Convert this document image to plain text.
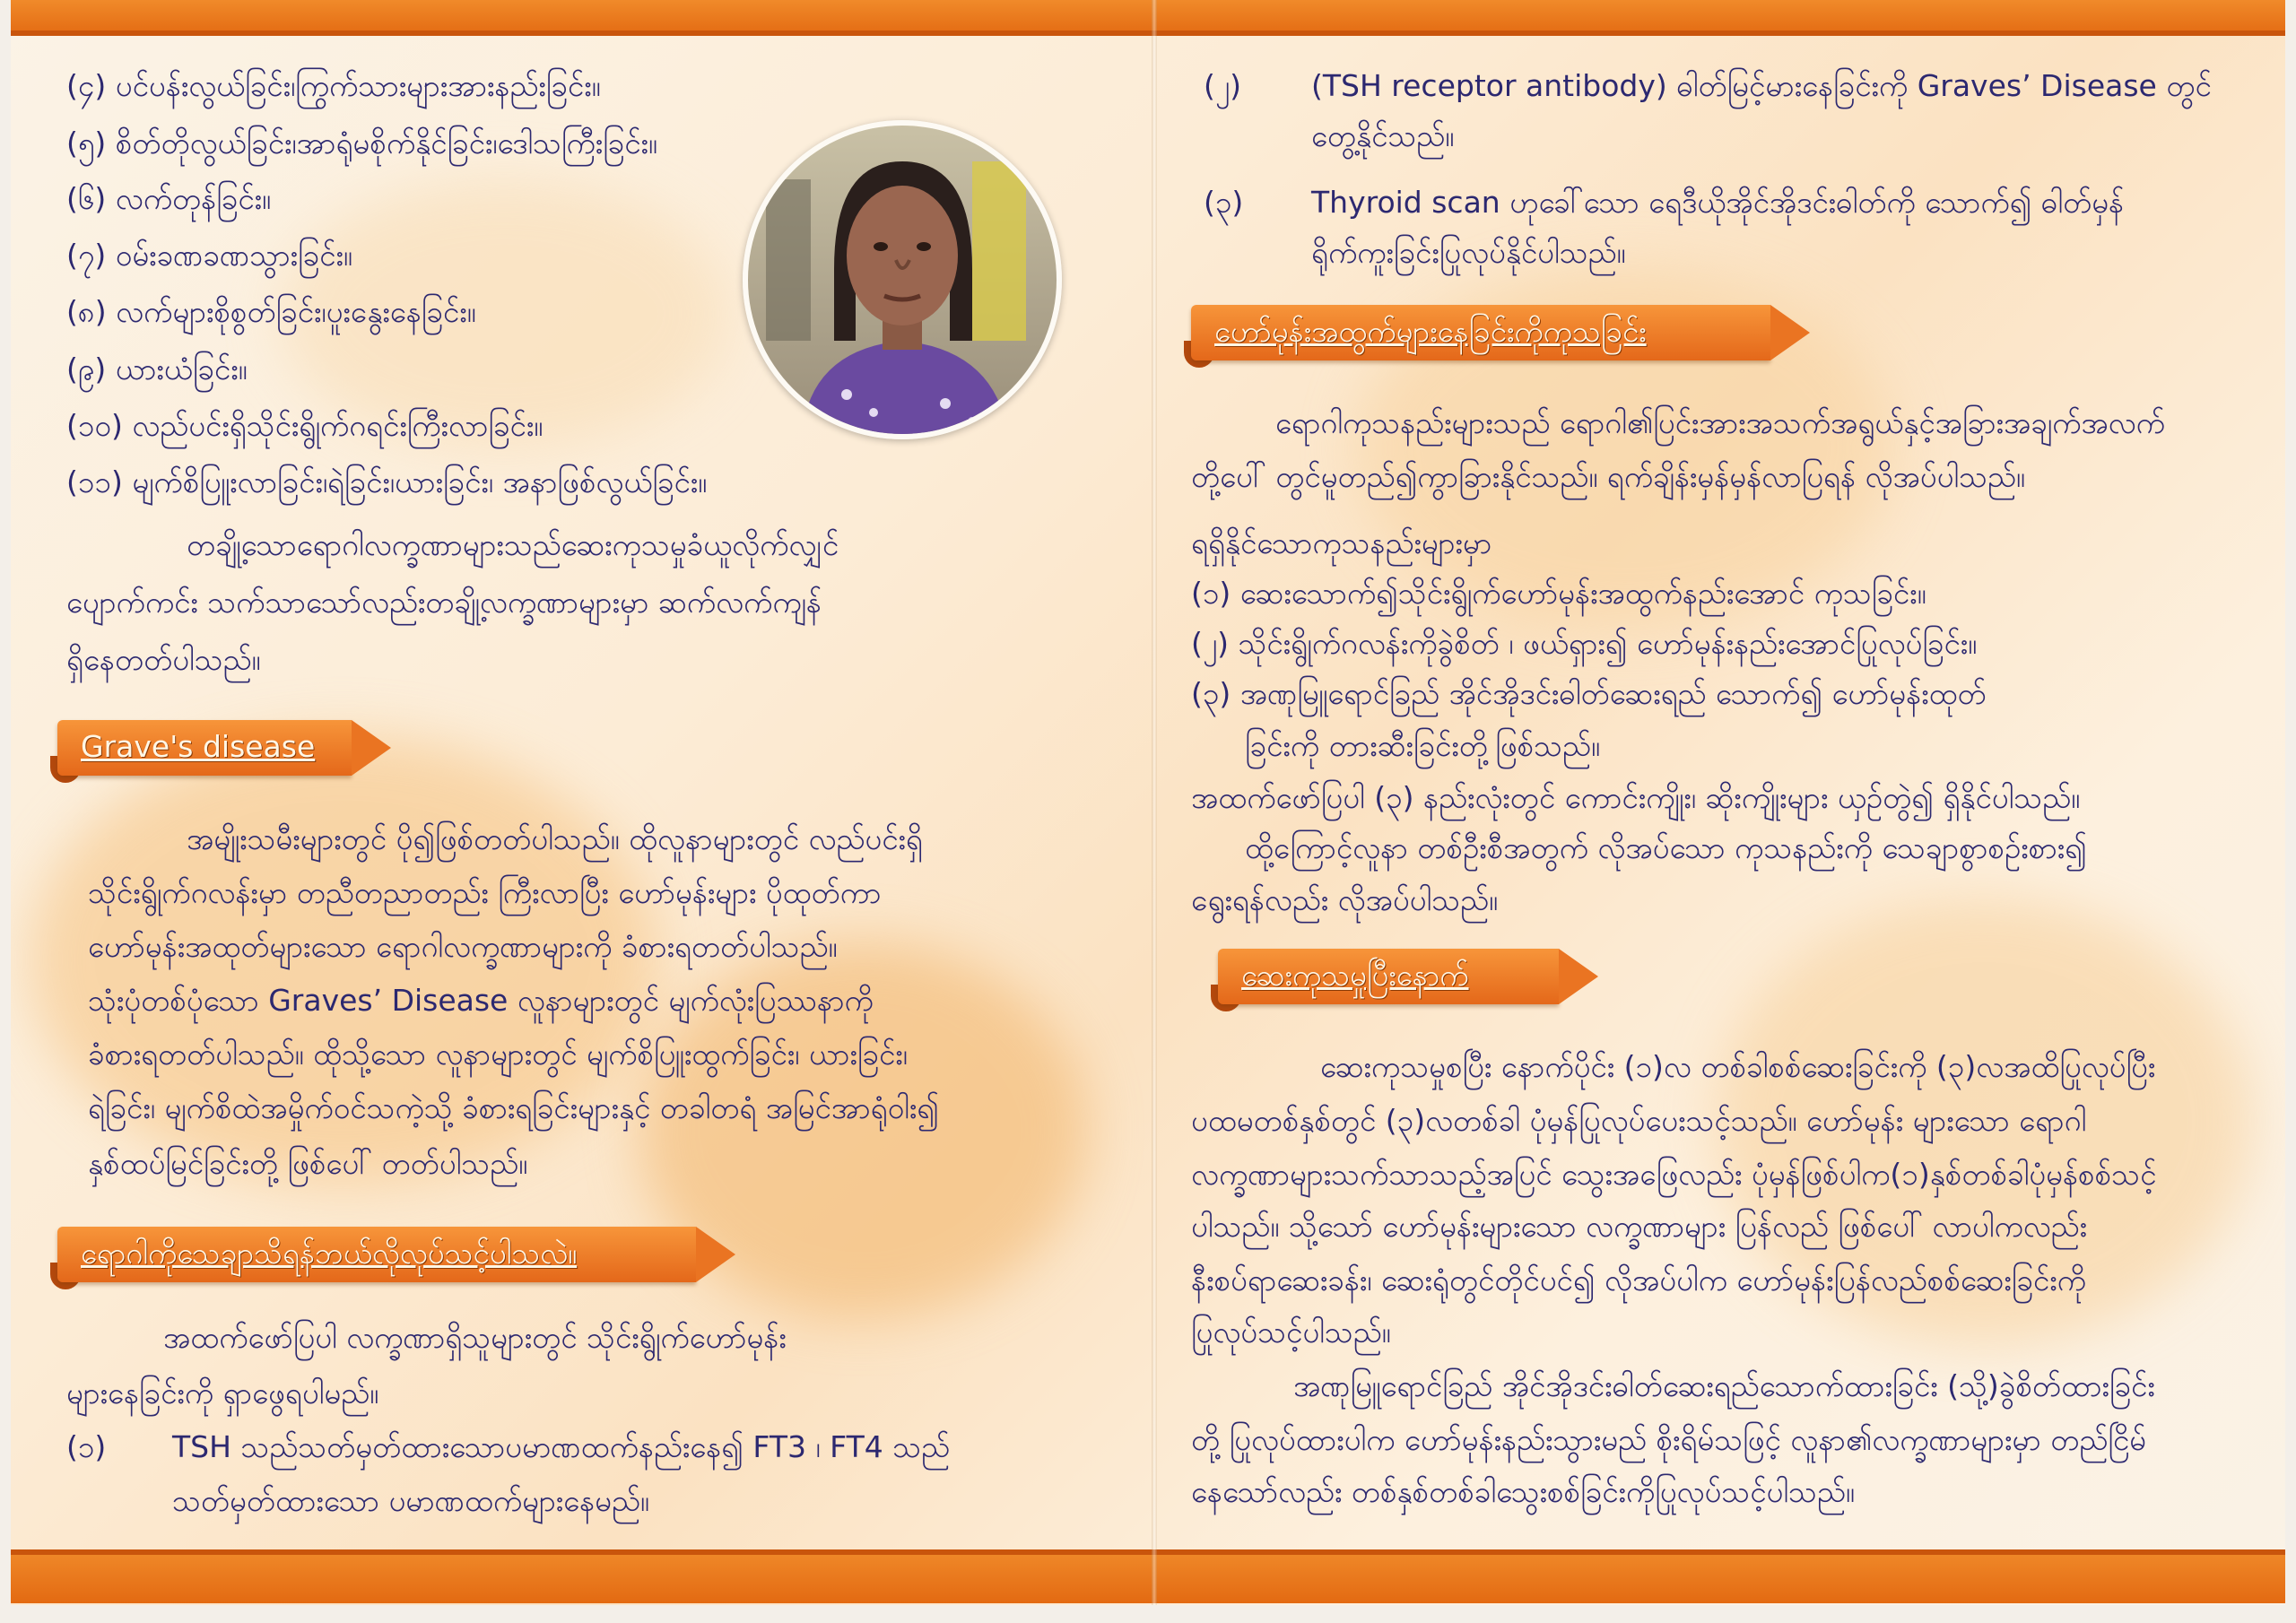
(၄) ပင်ပန်းလွယ်ခြင်း၊ကြွက်သားများအားနည်းခြင်း။
(၅) စိတ်တိုလွယ်ခြင်း၊အာရုံမစိုက်နိုင်ခြင်း၊ဒေါသကြီးခြင်း။
(၆) လက်တုန်ခြင်း။
(၇) ဝမ်းခဏခဏသွားခြင်း။
(၈) လက်များစိုစွတ်ခြင်း၊ပူးနွေးနေခြင်း။
(၉) ယားယံခြင်း။
(၁၀) လည်ပင်းရှိသိုင်းရွိုက်ဂရင်းကြီးလာခြင်း။
(၁၁) မျက်စိပြူးလာခြင်း၊ရဲခြင်း၊ယားခြင်း၊ အနာဖြစ်လွယ်ခြင်း။
တချို့သောရောဂါလက္ခဏာများသည်ဆေးကုသမှုခံယူလိုက်လျှင်
ပျောက်ကင်း သက်သာသော်လည်းတချို့လက္ခဏာများမှာ ဆက်လက်ကျန်
ရှိနေတတ်ပါသည်။
Grave's disease
အမျိုးသမီးများတွင် ပို၍ဖြစ်တတ်ပါသည်။ ထိုလူနာများတွင် လည်ပင်းရှိ
သိုင်းရွိုက်ဂလန်းမှာ တညီတညာတည်း ကြီးလာပြီး ဟော်မုန်းများ ပိုထုတ်ကာ
ဟော်မုန်းအထုတ်များသော ရောဂါလက္ခဏာများကို ခံစားရတတ်ပါသည်။
သုံးပုံတစ်ပုံသော Graves’ Disease လူနာများတွင် မျက်လုံးပြဿနာကို
ခံစားရတတ်ပါသည်။ ထိုသို့သော လူနာများတွင် မျက်စိပြူးထွက်ခြင်း၊ ယားခြင်း၊
ရဲခြင်း၊ မျက်စိထဲအမှိုက်ဝင်သကဲ့သို့ ခံစားရခြင်းများနှင့် တခါတရံ အမြင်အာရုံဝါး၍
နှစ်ထပ်မြင်ခြင်းတို့ ဖြစ်ပေါ် တတ်ပါသည်။
ရောဂါကိုသေချာသိရန်ဘယ်လိုလုပ်သင့်ပါသလဲ။
အထက်ဖော်ပြပါ လက္ခဏာရှိသူများတွင် သိုင်းရွိုက်ဟော်မုန်း
များနေခြင်းကို ရှာဖွေရပါမည်။
(၁) TSH သည်သတ်မှတ်ထားသောပမာဏထက်နည်းနေ၍ FT3 ၊ FT4 သည်
သတ်မှတ်ထားသော ပမာဏထက်များနေမည်။
(၂) (TSH receptor antibody) ဓါတ်မြင့်မားနေခြင်းကို Graves’ Disease တွင်
တွေ့နိုင်သည်။
(၃) Thyroid scan ဟုခေါ်သော ရေဒီယိုအိုင်အိုဒင်းဓါတ်ကို သောက်၍ ဓါတ်မှန်
ရိုက်ကူးခြင်းပြုလုပ်နိုင်ပါသည်။
ဟော်မုန်းအထွက်များနေခြင်းကိုကုသခြင်း
ရောဂါကုသနည်းများသည် ရောဂါ၏ပြင်းအားအသက်အရွယ်နှင့်အခြားအချက်အလက်
တို့ပေါ် တွင်မူတည်၍ကွာခြားနိုင်သည်။ ရက်ချိန်းမှန်မှန်လာပြရန် လိုအပ်ပါသည်။
ရရှိနိုင်သောကုသနည်းများမှာ
(၁) ဆေးသောက်၍သိုင်းရွိုက်ဟော်မုန်းအထွက်နည်းအောင် ကုသခြင်း။
(၂) သိုင်းရွိုက်ဂလန်းကိုခွဲစိတ် ၊ ဖယ်ရှား၍ ဟော်မုန်းနည်းအောင်ပြုလုပ်ခြင်း။
(၃) အဏုမြူရောင်ခြည် အိုင်အိုဒင်းဓါတ်ဆေးရည် သောက်၍ ဟော်မုန်းထုတ်
ခြင်းကို တားဆီးခြင်းတို့ဖြစ်သည်။
အထက်ဖော်ပြပါ (၃) နည်းလုံးတွင် ကောင်းကျိုး၊ ဆိုးကျိုးများ ယှဉ်တွဲ၍ ရှိနိုင်ပါသည်။
ထို့ကြောင့်လူနာ တစ်ဦးစီအတွက် လိုအပ်သော ကုသနည်းကို သေချာစွာစဉ်းစား၍
ရွေးရန်လည်း လိုအပ်ပါသည်။
ဆေးကုသမှုပြီးနောက်
ဆေးကုသမှုစပြီး နောက်ပိုင်း (၁)လ တစ်ခါစစ်ဆေးခြင်းကို (၃)လအထိပြုလုပ်ပြီး
ပထမတစ်နှစ်တွင် (၃)လတစ်ခါ ပုံမှန်ပြုလုပ်ပေးသင့်သည်။ ဟော်မုန်း များသော ရောဂါ
လက္ခဏာများသက်သာသည့်အပြင် သွေးအဖြေလည်း ပုံမှန်ဖြစ်ပါက(၁)နှစ်တစ်ခါပုံမှန်စစ်သင့်
ပါသည်။ သို့သော် ဟော်မုန်းများသော လက္ခဏာများ ပြန်လည် ဖြစ်ပေါ် လာပါကလည်း
နီးစပ်ရာဆေးခန်း၊ ဆေးရုံတွင်တိုင်ပင်၍ လိုအပ်ပါက ဟော်မုန်းပြန်လည်စစ်ဆေးခြင်းကို
ပြုလုပ်သင့်ပါသည်။
အဏုမြူရောင်ခြည် အိုင်အိုဒင်းဓါတ်ဆေးရည်သောက်ထားခြင်း (သို့)ခွဲစိတ်ထားခြင်း
တို့ ပြုလုပ်ထားပါက ဟော်မုန်းနည်းသွားမည် စိုးရိမ်သဖြင့် လူနာ၏လက္ခဏာများမှာ တည်ငြိမ်
နေသော်လည်း တစ်နှစ်တစ်ခါသွေးစစ်ခြင်းကိုပြုလုပ်သင့်ပါသည်။
